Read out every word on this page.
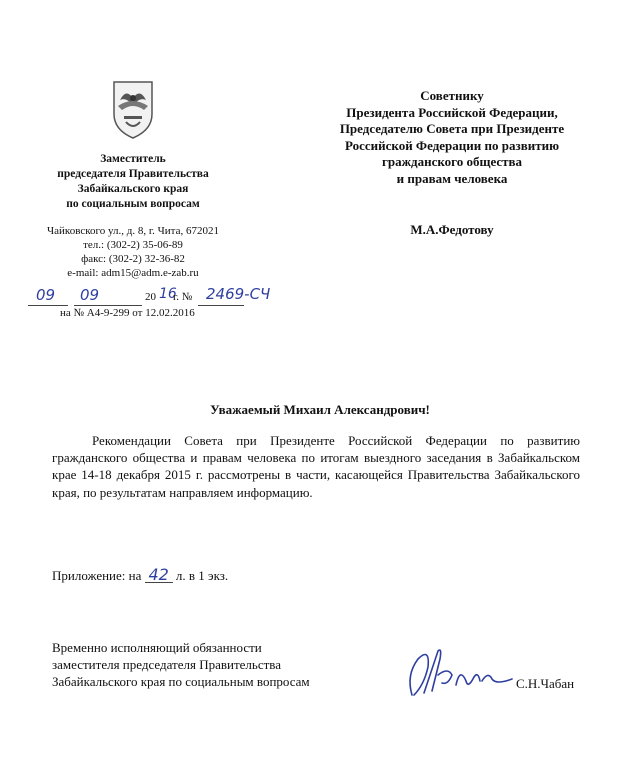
Заместитель
председателя Правительства
Забайкальского края
по социальным вопросам
Чайковского ул., д. 8, г. Чита, 672021
тел.: (302-2) 35-06-89
факс: (302-2) 32-36-82
e-mail: adm15@adm.e-zab.ru
09 09	20 16
г. № 2469-СЧ
на № А4-9-299 от 12.02.2016
Советнику
Президента Российской Федерации,
Председателю Совета при Президенте
Российской Федерации по развитию
гражданского общества
и правам человека
М.А.Федотову
Уважаемый Михаил Александрович!
Рекомендации Совета при Президенте Российской Федерации по развитию гражданского общества и правам человека по итогам выездного заседания в Забайкальском крае 14-18 декабря 2015 г. рассмотрены в части, касающейся Правительства Забайкальского края, по результатам направляем информацию.
Приложение: на 42 л. в 1 экз.
Временно исполняющий обязанности
заместителя председателя Правительства
Забайкальского края по социальным вопросам	С.Н.Чабан
